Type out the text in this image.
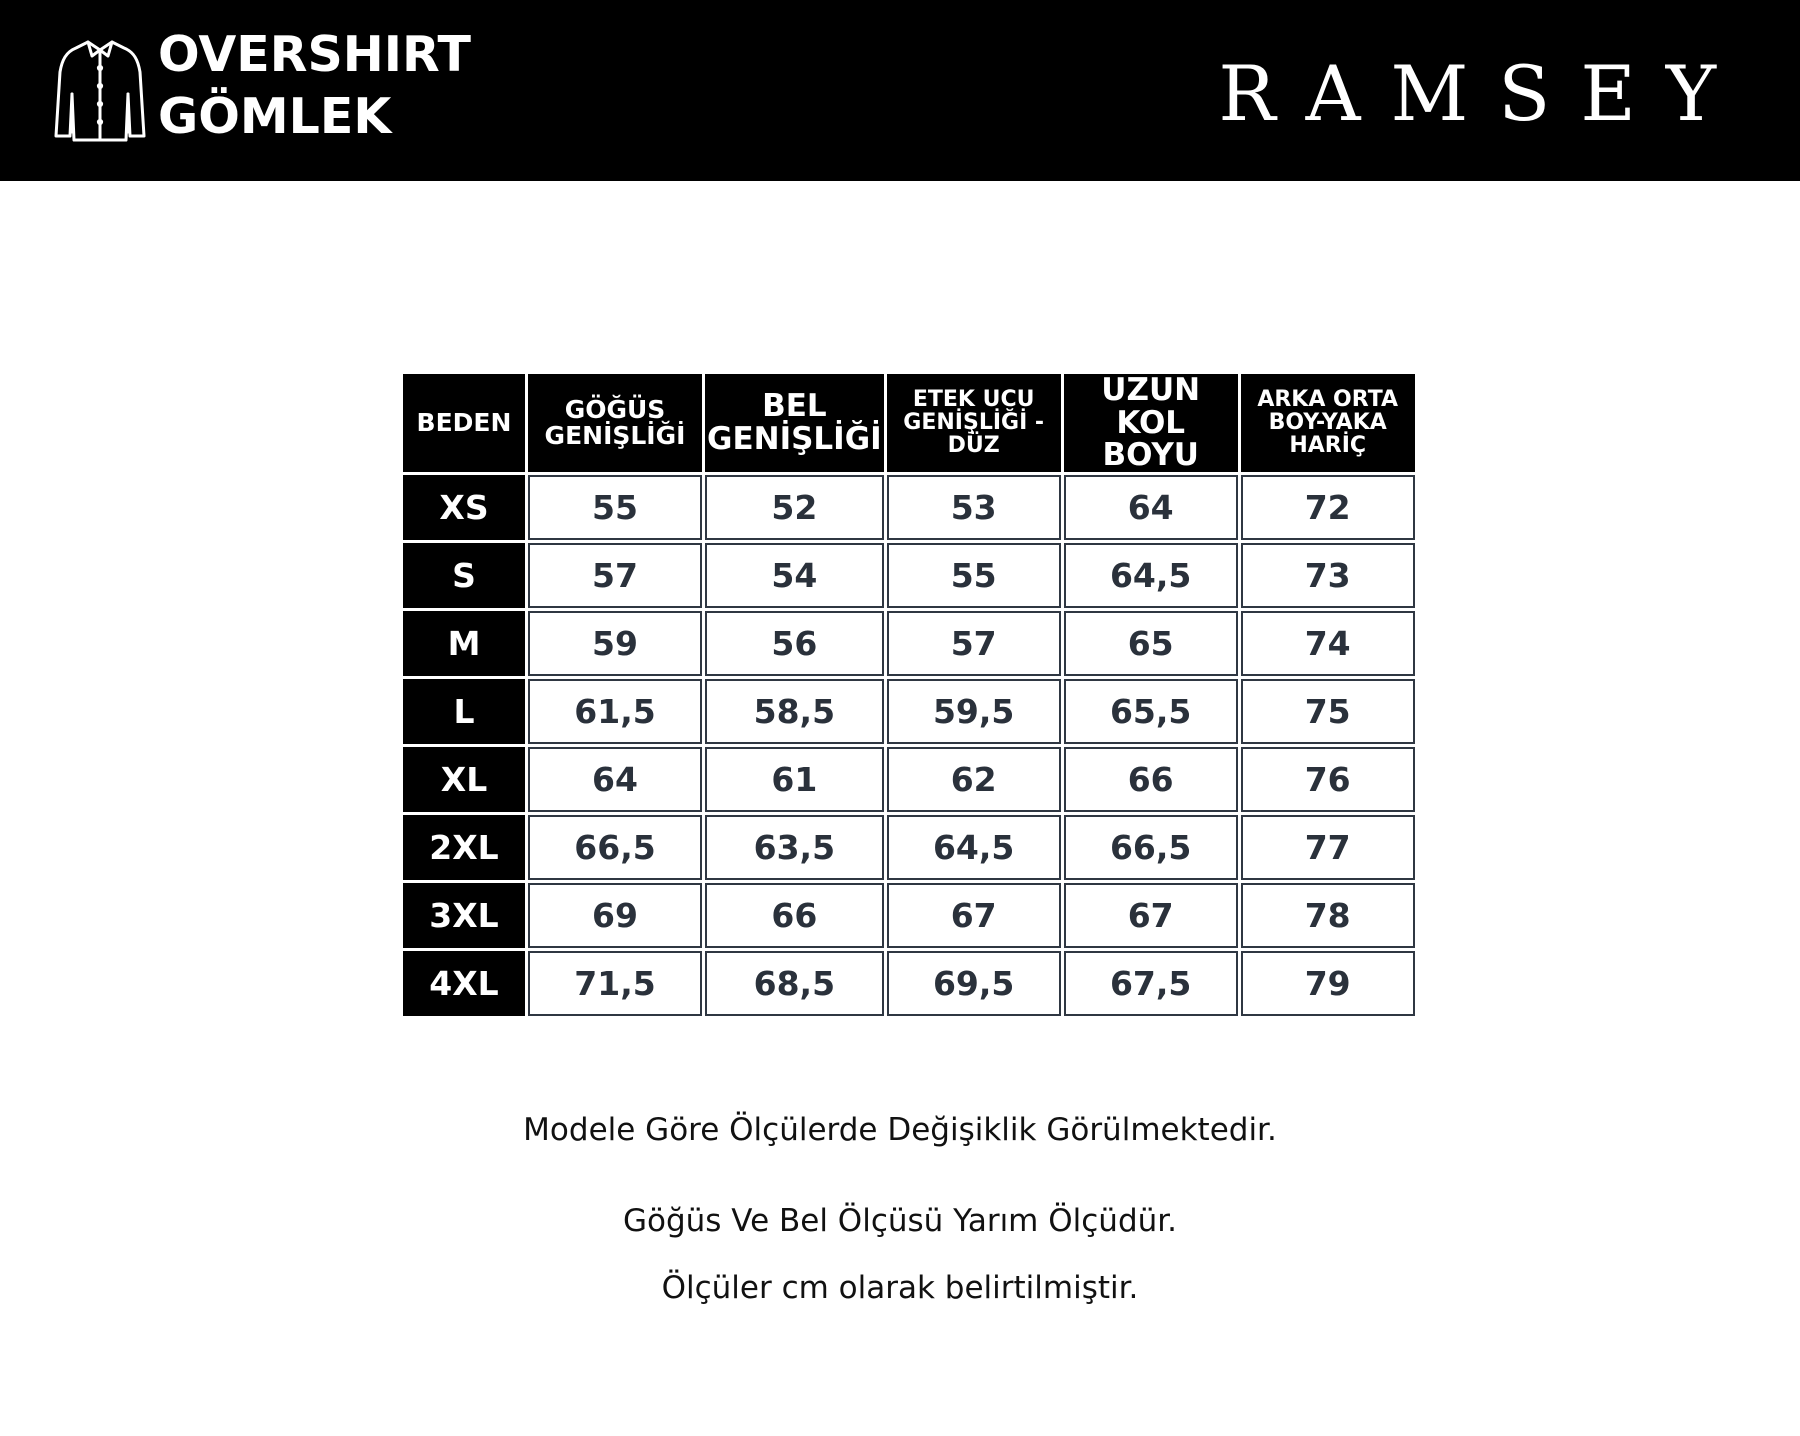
OVERSHIRT
GÖMLEK	RAMSEY
BEDEN	GÖĞÜS GENİŞLİĞİ	BEL GENİŞLİĞİ	ETEK UCU GENİŞLİĞİ -DÜZ	UZUN KOL BOYU	ARKA ORTA BOY-YAKA HARİÇ
XS	55	52	53	64	72
S	57	54	55	64,5	73
M	59	56	57	65	74
L	61,5	58,5	59,5	65,5	75
XL	64	61	62	66	76
2XL	66,5	63,5	64,5	66,5	77
3XL	69	66	67	67	78
4XL	71,5	68,5	69,5	67,5	79
Modele Göre Ölçülerde Değişiklik Görülmektedir.
Göğüs Ve Bel Ölçüsü Yarım Ölçüdür.
Ölçüler cm olarak belirtilmiştir.
